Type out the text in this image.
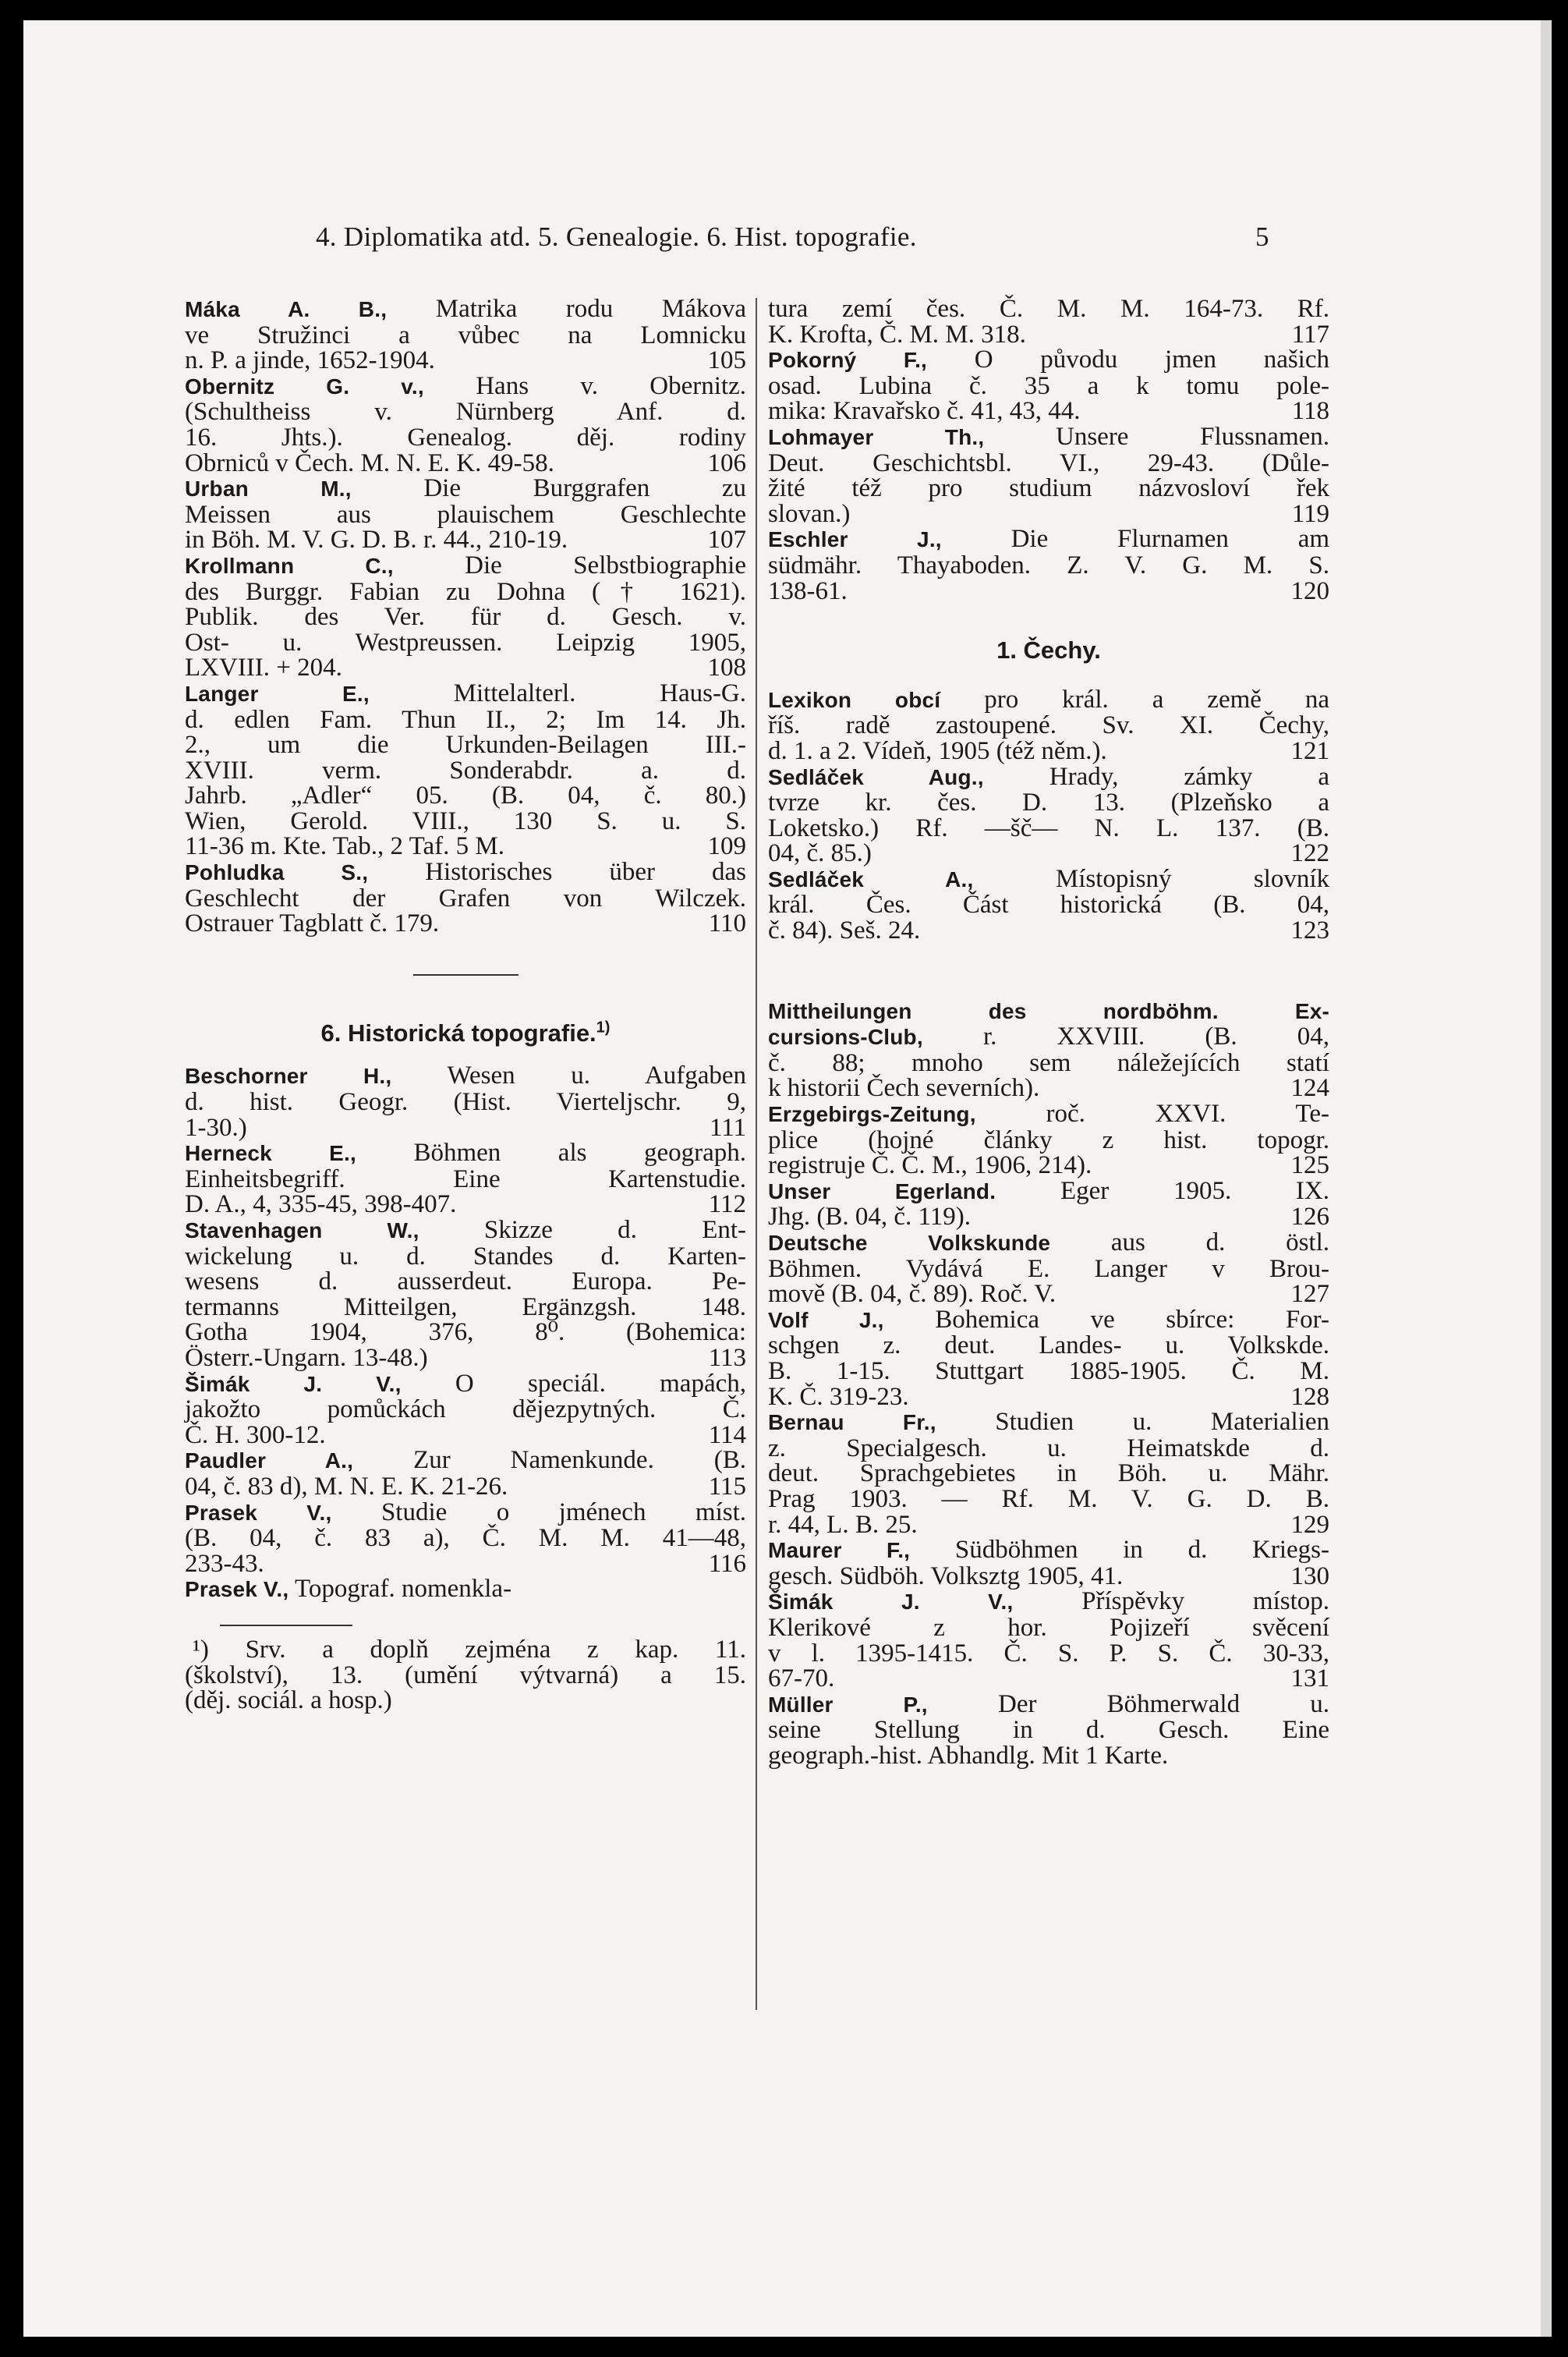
4. Diplomatika atd. 5. Genealogie. 6. Hist. topografie.	5

Máka A. B., Matrika rodu Mákova
ve Stružinci a vůbec na Lomnicku
n. P. a jinde, 1652-1904.	105

Obernitz G. v., Hans v. Obernitz.
(Schultheiss v. Nürnberg Anf. d.
16. Jhts.). Genealog. děj. rodiny
Obrniců v Čech. M. N. E. K. 49-58.	106

Urban M.,	Die Burggrafen zu
Meissen aus plauischem Geschlechte
in Böh. M. V. G. D. B. r. 44., 210-19.	107

Krollmann C.,	Die Selbstbiographie
des Burggr. Fabian zu Dohna († 1621).
Publik. des Ver. für d. Gesch. v.
Ost- u. Westpreussen. Leipzig 1905,
LXVIII. + 204.	108

Langer E.,	Mittelalterl. Haus-G.
d. edlen Fam. Thun II., 2; Im 14. Jh.
2., um die Urkunden-Beilagen III.-
XVIII. verm. Sonderabdr. a. d.
Jahrb. „Adler“ 05. (B. 04, č. 80.)
Wien, Gerold. VIII., 130 S. u. S.
11-36 m. Kte. Tab., 2 Taf. 5 M.	109

Pohludka S., Historisches über das
Geschlecht der Grafen von Wilczek.
Ostrauer Tagblatt č. 179.	110

6. Historická topografie.$^{1)}$

Beschorner H., Wesen u. Aufgaben
d. hist. Geogr. (Hist. Vierteljschr. 9,
1-30.)	111

Herneck E., Böhmen als geograph.
Einheitsbegriff. Eine Kartenstudie.
D. A., 4, 335-45, 398-407.	112

Stavenhagen W.,	Skizze d. Ent-
wickelung u. d. Standes d. Karten-
wesens d. ausserdeut. Europa. Pe-
termanns Mitteilgen, Ergänzgsh. 148.
Gotha 1904, 376, 8⁰. (Bohemica:
Österr.-Ungarn. 13-48.)	113

Šimák J. V., O speciál. mapách,
jakožto pomůckách dějezpytných. Č.
Č. H. 300-12.	114

Paudler A., Zur Namenkunde. (B.
04, č. 83 d), M. N. E. K. 21-26.	115

Prasek V., Studie o jménech míst.
(B. 04, č. 83 a), Č. M. M. 41—48,
233-43.	116

Prasek V., Topograf. nomenkla-

¹) Srv. a doplň zejména z kap. 11.

(školství), 13. (umění výtvarná) a 15.

(děj. sociál. a hosp.)

tura zemí čes. Č. M. M. 164-73. Rf.
K. Krofta, Č. M. M. 318.	117

Pokorný F., O původu jmen našich
osad. Lubina č. 35 a k tomu pole-
mika: Kravařsko č. 41, 43, 44.	118

Lohmayer Th.,	Unsere Flussnamen.
Deut. Geschichtsbl. VI., 29-43. (Důle-
žité též pro studium názvosloví řek
slovan.)	119

Eschler J.,	Die Flurnamen am
südmähr. Thayaboden. Z. V. G. M. S.
138-61.	120

1. Čechy.

Lexikon obcí pro král. a země na
říš. radě zastoupené. Sv. XI. Čechy,
d. 1. a 2. Vídeň, 1905 (též něm.).	121

Sedláček Aug.,	Hrady, zámky a
tvrze kr. čes. D. 13. (Plzeňsko a
Loketsko.) Rf. —šč— N. L. 137. (B.
04, č. 85.)	122

Sedláček A.,	Místopisný slovník
král. Čes. Část historická (B. 04,
č. 84). Seš. 24.	123

Mittheilungen des nordböhm. Ex-
cursions-Club, r. XXVIII. (B. 04,
č. 88; mnoho sem náležejících statí
k historii Čech severních).	124

Erzgebirgs-Zeitung,	roč. XXVI. Te-
plice (hojné články z hist. topogr.
registruje Č. Č. M., 1906, 214).	125

Unser Egerland.	Eger 1905. IX.
Jhg. (B. 04, č. 119).	126

Deutsche Volkskunde aus d. östl.
Böhmen. Vydává E. Langer v Brou-
mově (B. 04, č. 89). Roč. V.	127

Volf J., Bohemica ve sbírce: For-
schgen z. deut. Landes- u. Volkskde.
B. 1-15. Stuttgart 1885-1905. Č. M.
K. Č. 319-23.	128

Bernau Fr., Studien u. Materialien
z. Specialgesch. u. Heimatskde d.
deut. Sprachgebietes in Böh. u. Mähr.
Prag 1903. — Rf. M. V. G. D. B.
r. 44, L. B. 25.	129

Maurer F., Südböhmen in d. Kriegs-
gesch. Südböh. Volksztg 1905, 41.	130

Šimák J. V.,	Příspěvky místop.
Klerikové z hor. Pojizeří svěcení
v l. 1395-1415. Č. S. P. S. Č. 30-33,
67-70.	131

Müller P.,	Der Böhmerwald u.
seine Stellung in d. Gesch. Eine
geograph.-hist. Abhandlg. Mit 1 Karte.
